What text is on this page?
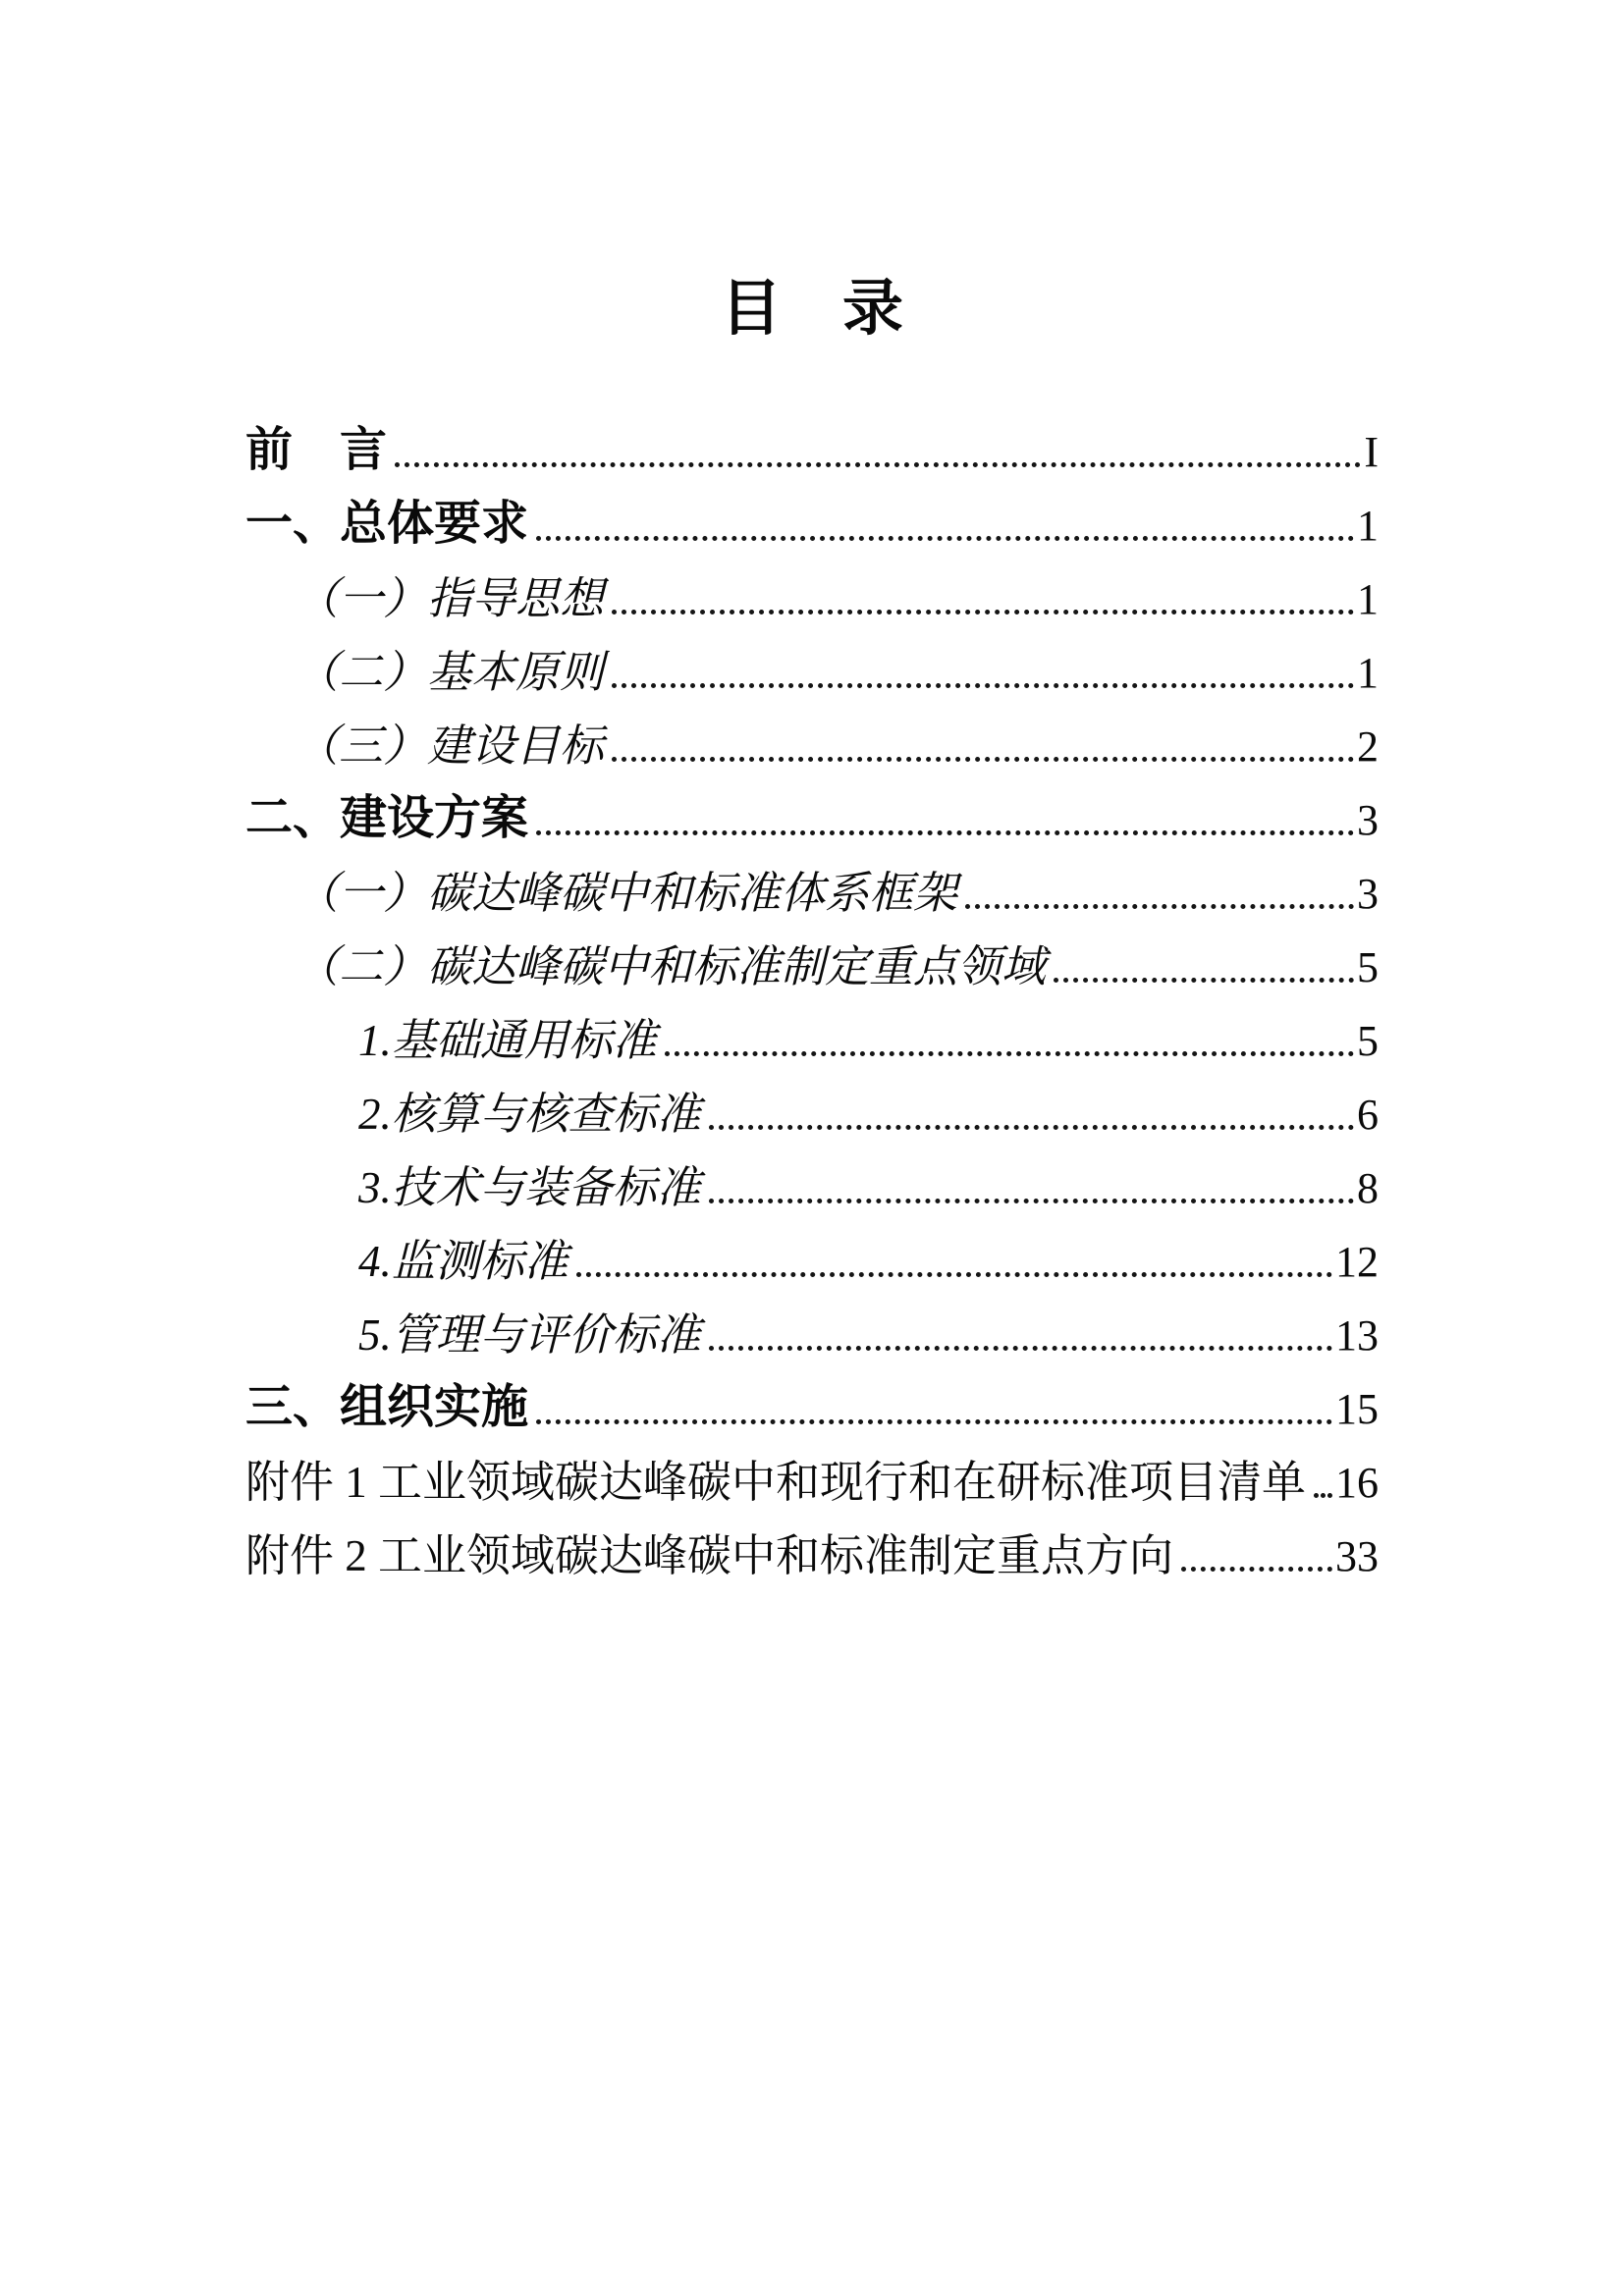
目　录
前　言	I
一、总体要求	1
（一）指导思想	1
（二）基本原则	1
（三）建设目标	2
二、建设方案	3
（一）碳达峰碳中和标准体系框架	3
（二）碳达峰碳中和标准制定重点领域	5
1.基础通用标准	5
2.核算与核查标准	6
3.技术与装备标准	8
4.监测标准	12
5.管理与评价标准	13
三、组织实施	15
附件 1 工业领域碳达峰碳中和现行和在研标准项目清单 16
附件 2 工业领域碳达峰碳中和标准制定重点方向	33
